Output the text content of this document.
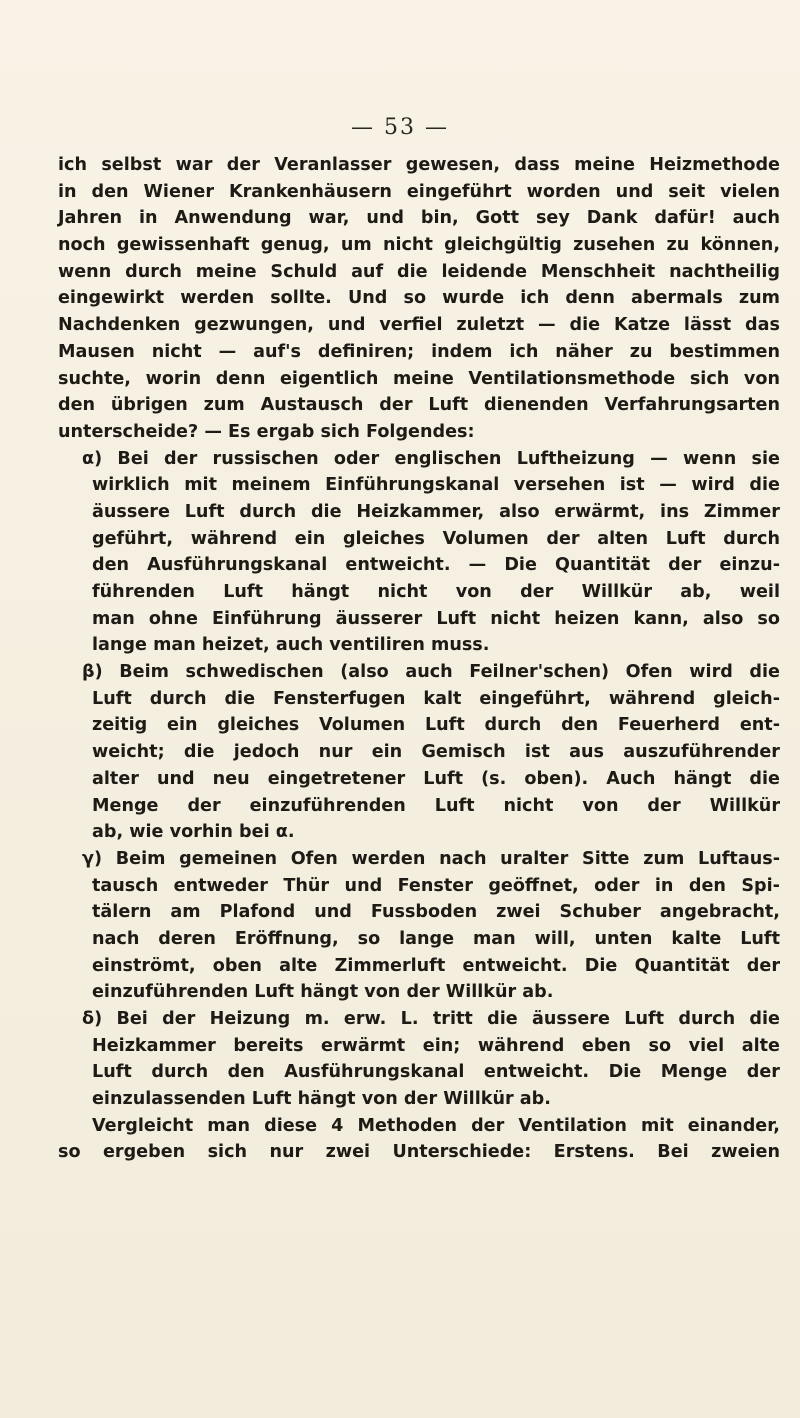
— 53 —
ich selbst war der Veranlasser gewesen, dass meine Heizmethode
in den Wiener Krankenhäusern eingeführt worden und seit vielen
Jahren in Anwendung war, und bin, Gott sey Dank dafür! auch
noch gewissenhaft genug, um nicht gleichgültig zusehen zu können,
wenn durch meine Schuld auf die leidende Menschheit nachtheilig
eingewirkt werden sollte. Und so wurde ich denn abermals zum
Nachdenken gezwungen, und verfiel zuletzt — die Katze lässt das
Mausen nicht — auf's definiren; indem ich näher zu bestimmen
suchte, worin denn eigentlich meine Ventilationsmethode sich von
den übrigen zum Austausch der Luft dienenden Verfahrungsarten
unterscheide? — Es ergab sich Folgendes:
α) Bei der russischen oder englischen Luftheizung — wenn sie
wirklich mit meinem Einführungskanal versehen ist — wird die
äussere Luft durch die Heizkammer, also erwärmt, ins Zimmer
geführt, während ein gleiches Volumen der alten Luft durch
den Ausführungskanal entweicht. — Die Quantität der einzu-
führenden Luft hängt nicht von der Willkür ab, weil
man ohne Einführung äusserer Luft nicht heizen kann, also so
lange man heizet, auch ventiliren muss.
β) Beim schwedischen (also auch Feilner'schen) Ofen wird die
Luft durch die Fensterfugen kalt eingeführt, während gleich-
zeitig ein gleiches Volumen Luft durch den Feuerherd ent-
weicht; die jedoch nur ein Gemisch ist aus auszuführender
alter und neu eingetretener Luft (s. oben). Auch hängt die
Menge der einzuführenden Luft nicht von der Willkür
ab, wie vorhin bei α.
γ) Beim gemeinen Ofen werden nach uralter Sitte zum Luftaus-
tausch entweder Thür und Fenster geöffnet, oder in den Spi-
tälern am Plafond und Fussboden zwei Schuber angebracht,
nach deren Eröffnung, so lange man will, unten kalte Luft
einströmt, oben alte Zimmerluft entweicht. Die Quantität der
einzuführenden Luft hängt von der Willkür ab.
δ) Bei der Heizung m. erw. L. tritt die äussere Luft durch die
Heizkammer bereits erwärmt ein; während eben so viel alte
Luft durch den Ausführungskanal entweicht. Die Menge der
einzulassenden Luft hängt von der Willkür ab.
Vergleicht man diese 4 Methoden der Ventilation mit einander,
so ergeben sich nur zwei Unterschiede: Erstens. Bei zweien
